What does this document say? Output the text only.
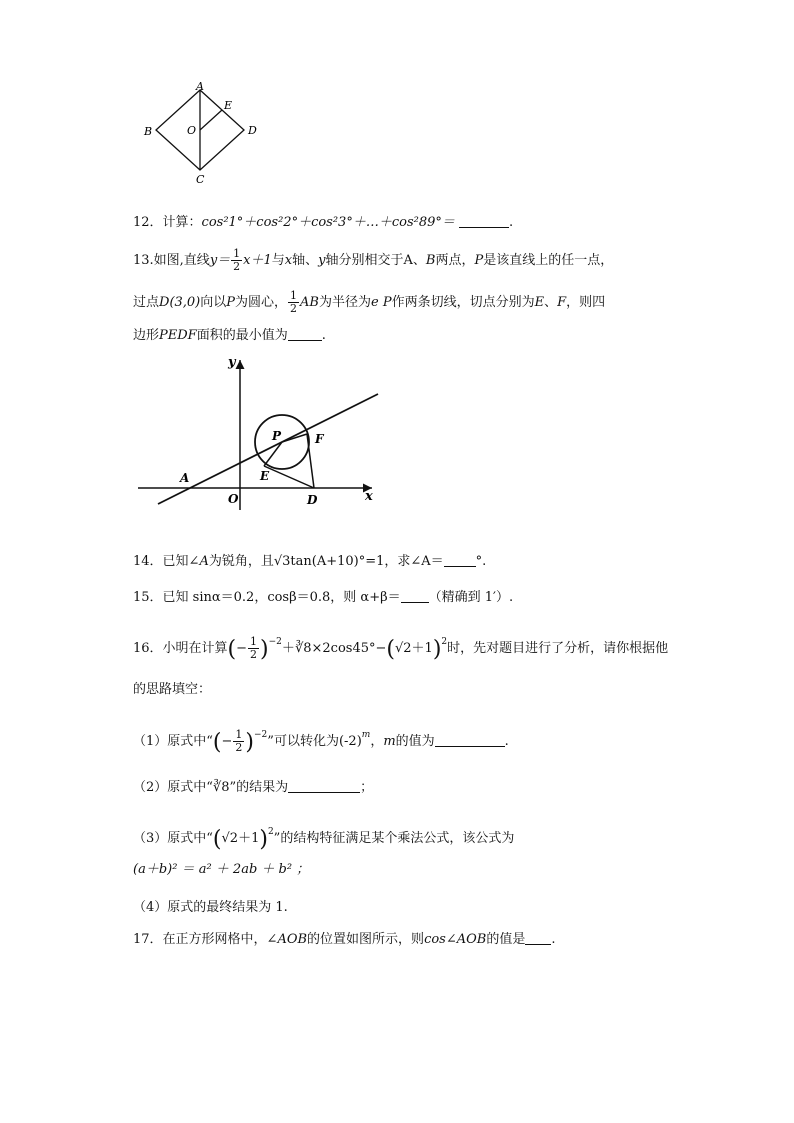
A
E
B	O	D
C
12．计算：cos²1°＋cos²2°＋cos²3°＋…＋cos²89°＝	.
13.如图,直线$y= \frac{1}{2} x+1$与x轴、y轴分别相交于A、B两点，P是该直线上的任一点，
过点D(3,0)向以P为圆心， $\frac{1}{2}$ AB为半径为e P作两条切线，切点分别为E、F，则四
边形PEDF面积的最小值为	.
y
x
P	F
E
A
O	D
14．已知∠A为锐角，且√3tan(A+10)°=1，求∠A＝ °.
15．已知 sinα＝0.2，cosβ＝0.8，则 α+β＝ （精确到 1′）.
16．小明在计算(− $\frac{1}{2}$ )$^{-2}+∛8\times 2\cos 45^\circ-(√2+1)^2$时，先对题目进行了分析，请你根据他
的思路填空：
（1）原式中“(− $\frac{1}{2} )^{-2}$”可以转化为$(-2)^m$，m的值为	.
（2）原式中“∛8”的结果为	；
（3）原式中“$(√2+1)^2$”的结构特征满足某个乘法公式，该公式为
(a＋b)² ＝ a² ＋ 2ab ＋ b² ；
（4）原式的最终结果为 1.
17．在正方形网格中，∠AOB的位置如图所示，则cos∠AOB的值是 .
